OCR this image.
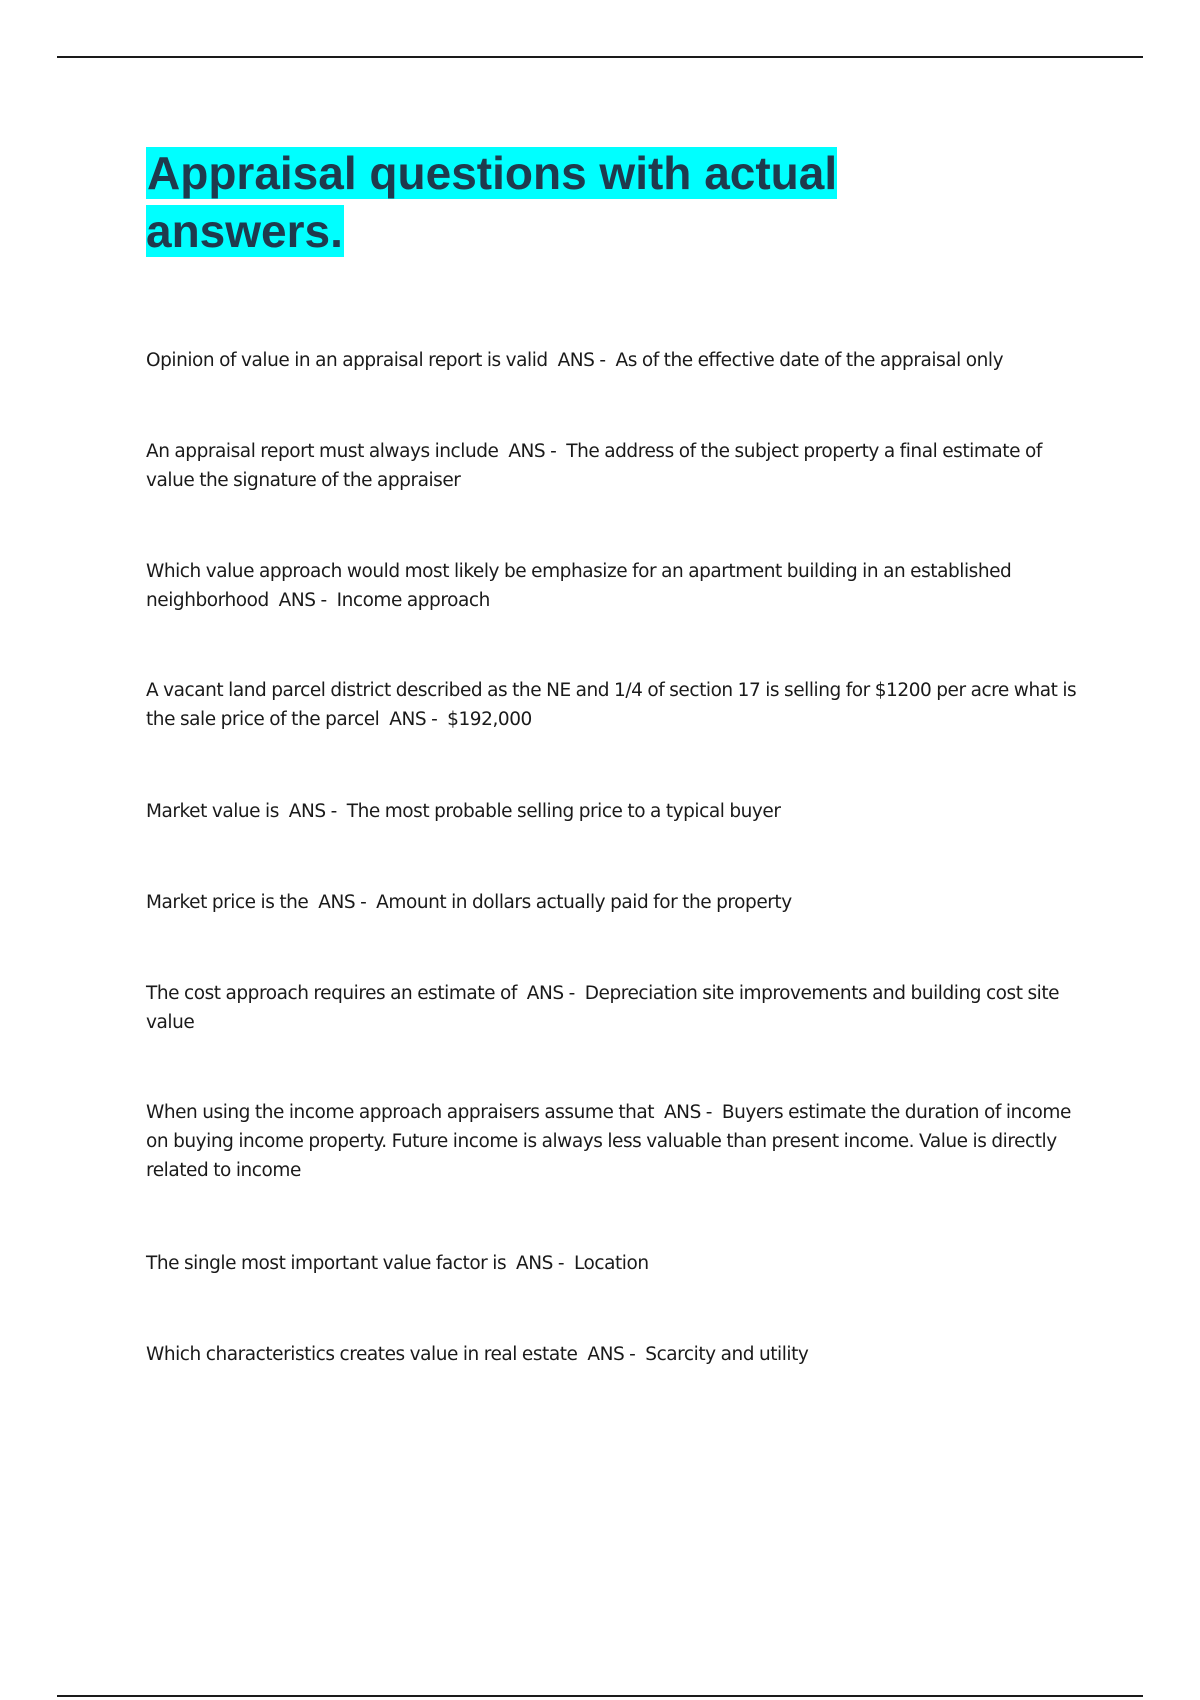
Appraisal questions with actual answers.

Opinion of value in an appraisal report is valid ANS - As of the effective date of the appraisal only

An appraisal report must always include ANS - The address of the subject property a final estimate of value the signature of the appraiser

Which value approach would most likely be emphasize for an apartment building in an established neighborhood ANS - Income approach

A vacant land parcel district described as the NE and 1/4 of section 17 is selling for $1200 per acre what is the sale price of the parcel ANS - $192,000

Market value is ANS - The most probable selling price to a typical buyer

Market price is the ANS - Amount in dollars actually paid for the property

The cost approach requires an estimate of ANS - Depreciation site improvements and building cost site value

When using the income approach appraisers assume that ANS - Buyers estimate the duration of income on buying income property. Future income is always less valuable than present income. Value is directly related to income

The single most important value factor is ANS - Location

Which characteristics creates value in real estate ANS - Scarcity and utility
